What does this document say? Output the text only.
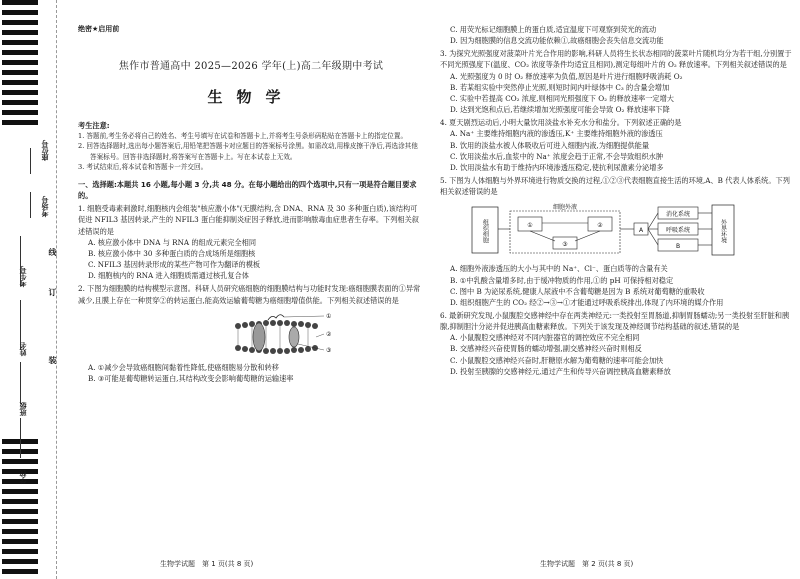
座位号
考场号
考生号
姓名
班级
学校
线
订
装
绝密★启用前
焦作市普通高中 2025—2026 学年(上)高二年级期中考试
生物学
考生注意:
1. 答题前,考生务必将自己的姓名、考生号填写在试卷和答题卡上,并将考生号条形码粘贴在答题卡上的指定位置。
2. 回答选择题时,选出每小题答案后,用铅笔把答题卡对应题目的答案标号涂黑。如需改动,用橡皮擦干净后,再选涂其他答案标号。回答非选择题时,将答案写在答题卡上。写在本试卷上无效。
3. 考试结束后,将本试卷和答题卡一并交回。
一、选择题:本题共 16 小题,每小题 3 分,共 48 分。在每小题给出的四个选项中,只有一项是符合题目要求的。
1. 细胞受毒素刺激时,细胞核内会组装"核应激小体"(无膜结构,含 DNA、RNA 及 30 多种蛋白质),该结构可促进 NFIL3 基因转录,产生的 NFIL3 蛋白能抑制炎症因子释放,进而影响脓毒血症患者生存率。下列相关叙述错误的是
A. 核应激小体中 DNA 与 RNA 的组成元素完全相同
B. 核应激小体中 30 多种蛋白质的合成场所是细胞核
C. NFIL3 基因转录形成的某些产物可作为翻译的模板
D. 细胞核内的 RNA 进入细胞质需通过核孔复合体
2. 下图为细胞膜的结构模型示意图。科研人员研究癌细胞的细胞膜结构与功能时发现:癌细胞膜表面的①异常减少,且膜上存在一种贯穿②的转运蛋白,能高效运输葡萄糖为癌细胞增值供能。下列相关叙述错误的是
①
②
③
A. ①减少会导致癌细胞间黏着性降低,使癌细胞易分散和转移
B. ③可能是葡萄糖转运蛋白,其结构改变会影响葡萄糖的运输速率
C. 用荧光标记细胞膜上的蛋白质,适宜温度下可观察到荧光的流动
D. 因为细胞膜的信息交流功能依赖①,故癌细胞会丧失信息交流功能
3. 为探究光照强度对菠菜叶片光合作用的影响,科研人员将生长状态相同的菠菜叶片随机均分为若干组,分别置于不同光照强度下(温度、CO₂ 浓度等条件均适宜且相同),测定每组叶片的 O₂ 释放速率。下列相关叙述错误的是
A. 光照强度为 0 时 O₂ 释放速率为负值,原因是叶片进行细胞呼吸消耗 O₂
B. 若某组实验中突然停止光照,则短时间内叶绿体中 C₃ 的含量会增加
C. 实验中若提高 CO₂ 浓度,则相同光照强度下 O₂ 的释放速率一定增大
D. 达到光饱和点后,若继续增加光照强度可能会导致 O₂ 释放速率下降
4. 夏天剧烈运动后,小明大量饮用淡盐水补充水分和盐分。下列叙述正确的是
A. Na⁺ 主要维持细胞内液的渗透压,K⁺ 主要维持细胞外液的渗透压
B. 饮用的淡盐水被人体吸收后可进入细胞内液,为细胞提供能量
C. 饮用淡盐水后,血浆中的 Na⁺ 浓度会趋于正常,不会导致组织水肿
D. 饮用淡盐水有助于维持内环境渗透压稳定,使抗利尿激素分泌增多
5. 下图为人体细胞与外界环境进行物质交换的过程,①②③代表细胞直接生活的环境,A、B 代表人体系统。下列相关叙述错误的是
组织细胞
细胞外液
①	②
③
A
消化系统
呼吸系统
B
外界环境
A. 细胞外液渗透压的大小与其中的 Na⁺、Cl⁻、蛋白质等的含量有关
B. ①中乳酸含量增多时,由于缓冲物质的作用,①的 pH 可保持相对稳定
C. 图中 B 为泌尿系统,健康人尿液中不含葡萄糖是因为 B 系统对葡萄糖的重吸收
D. 组织细胞产生的 CO₂ 经②→③→①才能通过呼吸系统排出,体现了内环境的媒介作用
6. 最新研究发现,小鼠腹腔交感神经中存在两类神经元:一类投射至胃肠道,抑制胃肠蠕动;另一类投射至肝脏和胰腺,抑制胆汁分泌并促进胰高血糖素释放。下列关于该发现及神经调节结构基础的叙述,错误的是
A. 小鼠腹腔交感神经对不同内脏器官的调控效应不完全相同
B. 交感神经兴奋使胃肠的蠕动增强,副交感神经兴奋时则相反
C. 小鼠腹腔交感神经兴奋时,肝糖原水解为葡萄糖的速率可能会加快
D. 投射至胰腺的交感神经元,通过产生和传导兴奋调控胰高血糖素释放
生物学试题　第 1 页(共 8 页)	生物学试题　第 2 页(共 8 页)
